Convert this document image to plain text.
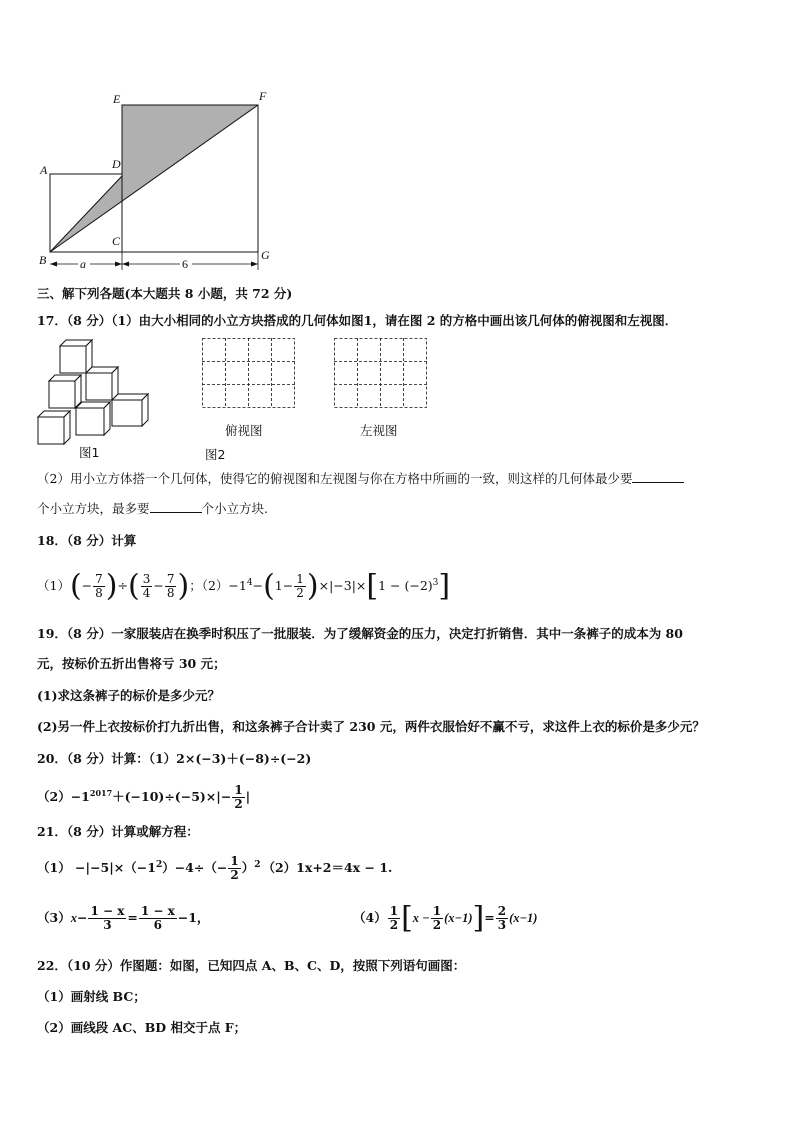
E	F
A	D
C
B	G
a	6
三、解下列各题(本大题共 8 小题，共 72 分)
17．（8 分）（1）由大小相同的小立方块搭成的几何体如图1，请在图 2 的方格中画出该几何体的俯视图和左视图．
图1	图2
俯视图	左视图
（2）用小立方体搭一个几何体，使得它的俯视图和左视图与你在方格中所画的一致，则这样的几何体最少要
个小立方块，最多要	个小立方块.
18．（8 分）计算
$(1)(- \frac{7}{8}$ )÷( $\frac{3}{4} - \frac{7}{8}$ )；$(2)-1^4-(1- \frac{1}{2} )\times|-3|\times[1 - (-2)^3]$
19．（8 分）一家服装店在换季时积压了一批服装．为了缓解资金的压力，决定打折销售．其中一条裤子的成本为 80
元，按标价五折出售将亏 30 元；
(1)求这条裤子的标价是多少元？
(2)另一件上衣按标价打九折出售，和这条裤子合计卖了 230 元，两件衣服恰好不赢不亏，求这件上衣的标价是多少元？
20．（8 分）计算：（1）2×(−3)＋(−8)÷(−2)
$(2)-1^{2017}+(-10)\div(-5)\times|- \frac{1}{2}$ |
21．（8 分）计算或解方程：
$(1) -|-5|\times(-1^2)-4\div(- \frac{1}{2} )^2$ （2）1x+2＝4x − 1.
$(3)x- \frac{1 - x}{3} = \frac{1 - x}{6} -1$，	$(4) \frac{1}{2} [x - \frac{1}{2} (x-1)]= \frac{2}{3} (x-1)$
22．（10 分）作图题：如图，已知四点 A、B、C、D，按照下列语句画图：
（1）画射线 BC；
（2）画线段 AC、BD 相交于点 F；
